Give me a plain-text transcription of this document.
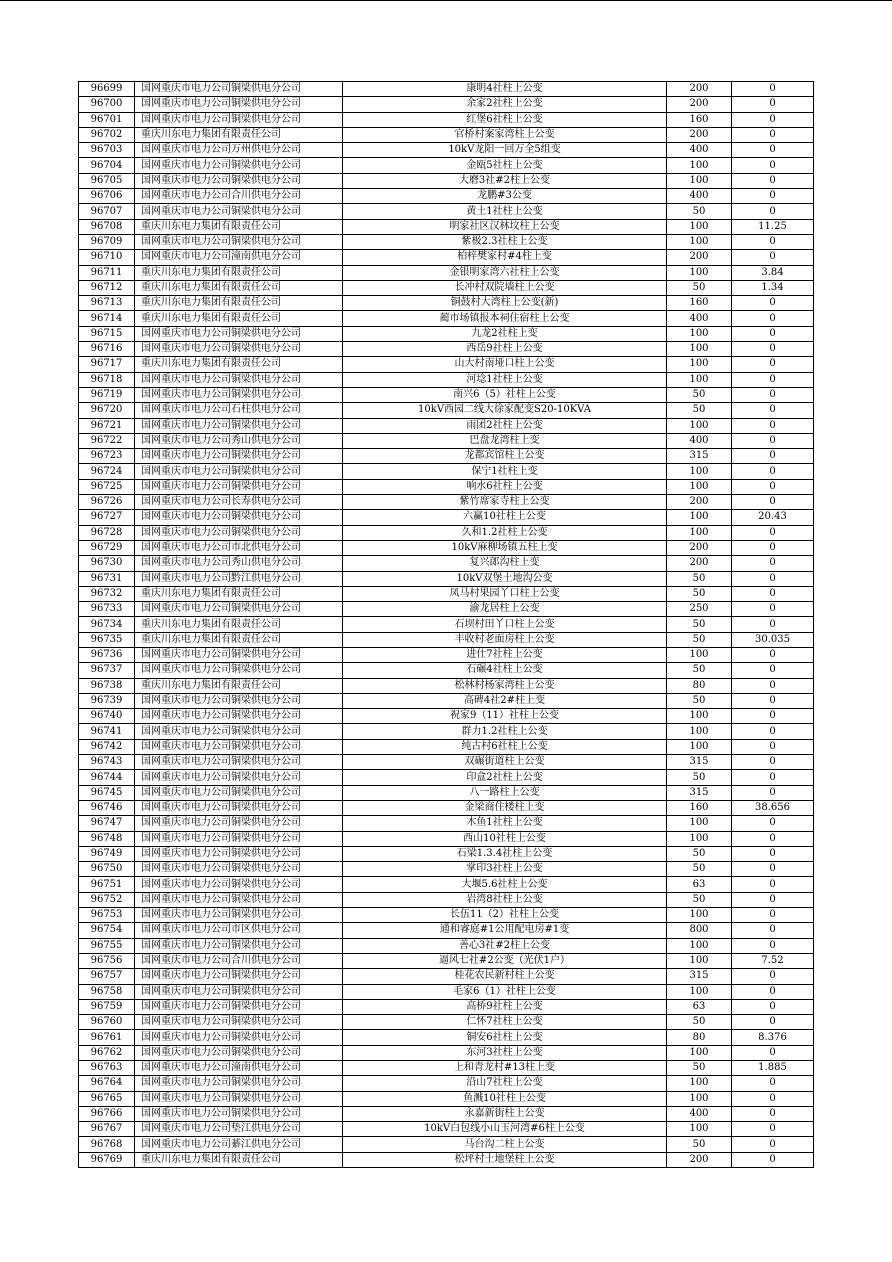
96699	国网重庆市电力公司铜梁供电分公司	康明4社柱上公变	200	0
96700	国网重庆市电力公司铜梁供电分公司	余家2社柱上公变	200	0
96701	国网重庆市电力公司铜梁供电分公司	红堡6社柱上公变	160	0
96702	重庆川东电力集团有限责任公司	官桥村案家湾柱上公变	200	0
96703	国网重庆市电力公司万州供电分公司	10kV龙阳一回万全5组变	400	0
96704	国网重庆市电力公司铜梁供电分公司	金瓯5社柱上公变	100	0
96705	国网重庆市电力公司铜梁供电分公司	大磨3社#2柱上公变	100	0
96706	国网重庆市电力公司合川供电分公司	龙鹏#3公变	400	0
96707	国网重庆市电力公司铜梁供电分公司	黄土1社柱上公变	50	0
96708	重庆川东电力集团有限责任公司	明家社区汉林坟柱上公变	100	11.25
96709	国网重庆市电力公司铜梁供电分公司	紫极2.3社柱上公变	100	0
96710	国网重庆市电力公司潼南供电分公司	柏梓樊家村#4柱上变	200	0
96711	重庆川东电力集团有限责任公司	金银明家湾六社柱上公变	100	3.84
96712	重庆川东电力集团有限责任公司	长冲村双院墙柱上公变	50	1.34
96713	重庆川东电力集团有限责任公司	铜鼓村大湾柱上公变(新)	160	0
96714	重庆川东电力集团有限责任公司	蔺市场镇报本祠住宿柱上公变	400	0
96715	国网重庆市电力公司铜梁供电分公司	九龙2社柱上变	100	0
96716	国网重庆市电力公司铜梁供电分公司	西岳9社柱上公变	100	0
96717	重庆川东电力集团有限责任公司	山大村南垭口柱上公变	100	0
96718	国网重庆市电力公司铜梁供电分公司	河埝1社柱上公变	100	0
96719	国网重庆市电力公司铜梁供电分公司	南兴6（5）社柱上公变	50	0
96720	国网重庆市电力公司石柱供电分公司	10kV西园二线大徐家配变S20-10KVA	50	0
96721	国网重庆市电力公司铜梁供电分公司	雨团2社柱上公变	100	0
96722	国网重庆市电力公司秀山供电分公司	巴盘龙湾柱上变	400	0
96723	国网重庆市电力公司铜梁供电分公司	龙都宾馆柱上公变	315	0
96724	国网重庆市电力公司铜梁供电分公司	保宁1社柱上变	100	0
96725	国网重庆市电力公司铜梁供电分公司	响水6社柱上公变	100	0
96726	国网重庆市电力公司长寿供电分公司	紫竹席家寺柱上公变	200	0
96727	国网重庆市电力公司铜梁供电分公司	六赢10社柱上公变	100	20.43
96728	国网重庆市电力公司铜梁供电分公司	久和1.2社柱上公变	100	0
96729	国网重庆市电力公司市北供电分公司	10kV麻柳场镇五柱上变	200	0
96730	国网重庆市电力公司秀山供电分公司	复兴郎沟柱上变	200	0
96731	国网重庆市电力公司黔江供电分公司	10kV双堡土地沟公变	50	0
96732	重庆川东电力集团有限责任公司	凤马村果园丫口柱上公变	50	0
96733	国网重庆市电力公司铜梁供电分公司	渝龙居柱上公变	250	0
96734	重庆川东电力集团有限责任公司	石坝村田丫口柱上公变	50	0
96735	重庆川东电力集团有限责任公司	丰收村老面房柱上公变	50	30.035
96736	国网重庆市电力公司铜梁供电分公司	进仕7社柱上公变	100	0
96737	国网重庆市电力公司铜梁供电分公司	石碾4社柱上公变	50	0
96738	重庆川东电力集团有限责任公司	松林村杨家湾柱上公变	80	0
96739	国网重庆市电力公司铜梁供电分公司	高碑4社2#柱上变	50	0
96740	国网重庆市电力公司铜梁供电分公司	祝家9（11）社柱上公变	100	0
96741	国网重庆市电力公司铜梁供电分公司	群力1.2社柱上公变	100	0
96742	国网重庆市电力公司铜梁供电分公司	纯古村6社柱上公变	100	0
96743	国网重庆市电力公司铜梁供电分公司	双碾街道柱上公变	315	0
96744	国网重庆市电力公司铜梁供电分公司	印盒2社柱上公变	50	0
96745	国网重庆市电力公司铜梁供电分公司	八一路柱上公变	315	0
96746	国网重庆市电力公司铜梁供电分公司	金梁商住楼柱上变	160	38.656
96747	国网重庆市电力公司铜梁供电分公司	木鱼1社柱上公变	100	0
96748	国网重庆市电力公司铜梁供电分公司	西山10社柱上公变	100	0
96749	国网重庆市电力公司铜梁供电分公司	石梁1.3.4社柱上公变	50	0
96750	国网重庆市电力公司铜梁供电分公司	掌印3社柱上公变	50	0
96751	国网重庆市电力公司铜梁供电分公司	大堰5.6社柱上公变	63	0
96752	国网重庆市电力公司铜梁供电分公司	岩湾8社柱上公变	50	0
96753	国网重庆市电力公司铜梁供电分公司	长伍11（2）社柱上公变	100	0
96754	国网重庆市电力公司市区供电分公司	通和睿庭#1公用配电房#1变	800	0
96755	国网重庆市电力公司铜梁供电分公司	善心3社#2柱上公变	100	0
96756	国网重庆市电力公司合川供电分公司	逼风七社#2公变（光伏1户）	100	7.52
96757	国网重庆市电力公司铜梁供电分公司	桂花农民新村柱上公变	315	0
96758	国网重庆市电力公司铜梁供电分公司	毛家6（1）社柱上公变	100	0
96759	国网重庆市电力公司铜梁供电分公司	高桥9社柱上公变	63	0
96760	国网重庆市电力公司铜梁供电分公司	仁怀7社柱上公变	50	0
96761	国网重庆市电力公司铜梁供电分公司	铜安6社柱上公变	80	8.376
96762	国网重庆市电力公司铜梁供电分公司	东河3社柱上公变	100	0
96763	国网重庆市电力公司潼南供电分公司	上和青龙村#13柱上变	50	1.885
96764	国网重庆市电力公司铜梁供电分公司	沿山7社柱上公变	100	0
96765	国网重庆市电力公司铜梁供电分公司	鱼溅10社柱上公变	100	0
96766	国网重庆市电力公司铜梁供电分公司	永嘉新街柱上公变	400	0
96767	国网重庆市电力公司垫江供电分公司	10kV白包线小山玉河湾#6柱上公变	100	0
96768	国网重庆市电力公司綦江供电分公司	马台沟二柱上公变	50	0
96769	重庆川东电力集团有限责任公司	松坪村土地堡柱上公变	200	0
